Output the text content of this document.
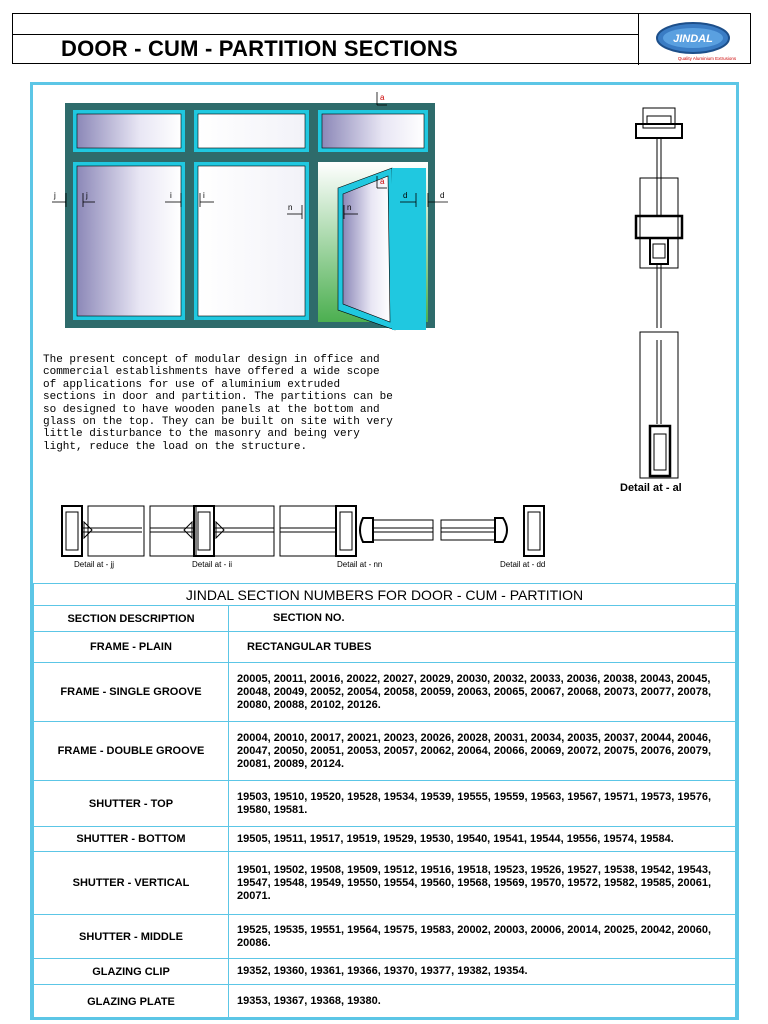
DOOR - CUM - PARTITION SECTIONS	JINDAL
Quality Aluminium Extrusions
j	j	i	i
n	n
d	d
a
a
Detail at - al
The present concept of modular design in office and
commercial establishments have offered a wide scope
of applications for use of aluminium extruded
sections in door and partition. The partitions can be
so designed to have wooden panels at the bottom and
glass on the top. They can be built on site with very
little disturbance to the masonry and being very
light, reduce the load on the structure.
Detail at - jj	Detail at - ii	Detail at - nn	Detail at - dd
JINDAL SECTION NUMBERS FOR DOOR - CUM - PARTITION	
SECTION DESCRIPTION	SECTION NO.
FRAME - PLAIN	RECTANGULAR TUBES
FRAME - SINGLE GROOVE	20005, 20011, 20016, 20022, 20027, 20029, 20030, 20032, 20033, 20036, 20038, 20043, 20045, 20048, 20049, 20052, 20054, 20058, 20059, 20063, 20065, 20067, 20068, 20073, 20077, 20078, 20080, 20088, 20102, 20126.
FRAME - DOUBLE GROOVE	20004, 20010, 20017, 20021, 20023, 20026, 20028, 20031, 20034, 20035, 20037, 20044, 20046, 20047, 20050, 20051, 20053, 20057, 20062, 20064, 20066, 20069, 20072, 20075, 20076, 20079, 20081, 20089, 20124.
SHUTTER - TOP	19503, 19510, 19520, 19528, 19534, 19539, 19555, 19559, 19563, 19567, 19571, 19573, 19576, 19580, 19581.
SHUTTER - BOTTOM	19505, 19511, 19517, 19519, 19529, 19530, 19540, 19541, 19544, 19556, 19574, 19584.
SHUTTER - VERTICAL	19501, 19502, 19508, 19509, 19512, 19516, 19518, 19523, 19526, 19527, 19538, 19542, 19543, 19547, 19548, 19549, 19550, 19554, 19560, 19568, 19569, 19570, 19572, 19582, 19585, 20061, 20071.
SHUTTER - MIDDLE	19525, 19535, 19551, 19564, 19575, 19583, 20002, 20003, 20006, 20014, 20025, 20042, 20060, 20086.
GLAZING CLIP	19352, 19360, 19361, 19366, 19370, 19377, 19382, 19354.
GLAZING PLATE	19353, 19367, 19368, 19380.
